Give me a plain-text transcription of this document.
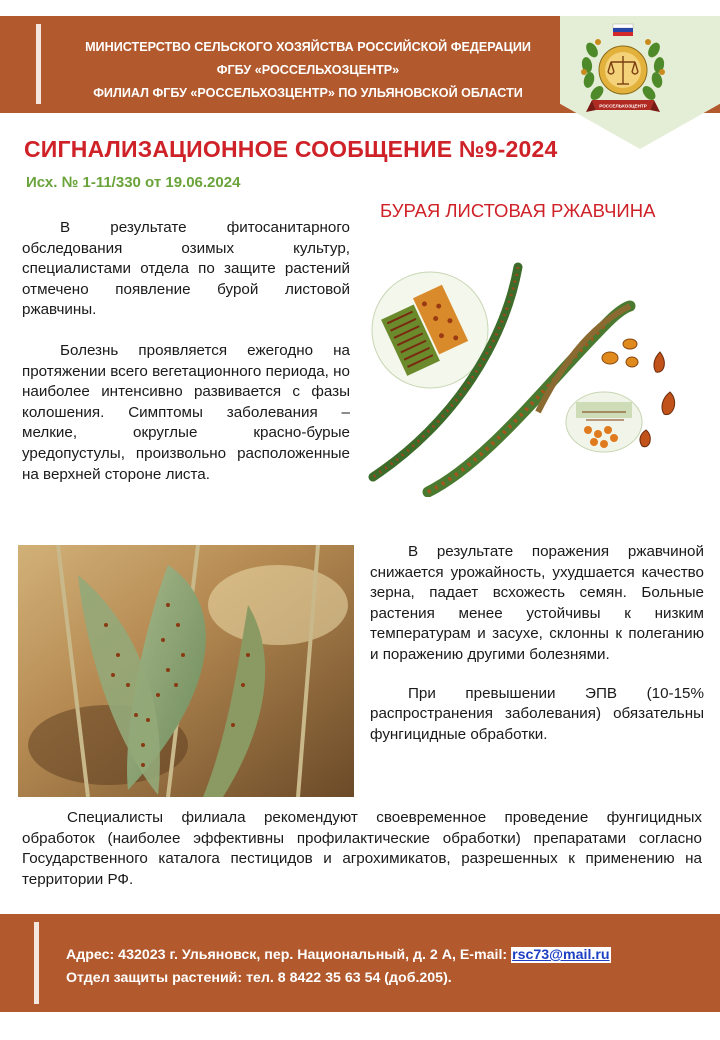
МИНИСТЕРСТВО СЕЛЬСКОГО ХОЗЯЙСТВА РОССИЙСКОЙ ФЕДЕРАЦИИ
ФГБУ «РОССЕЛЬХОЗЦЕНТР»
ФИЛИАЛ ФГБУ «РОССЕЛЬХОЗЦЕНТР» ПО УЛЬЯНОВСКОЙ ОБЛАСТИ
РОССЕЛЬХОЗЦЕНТР
СИГНАЛИЗАЦИОННОЕ СООБЩЕНИЕ №9-2024
Исх. № 1-11/330 от 19.06.2024
БУРАЯ ЛИСТОВАЯ РЖАВЧИНА

В результате фитосанитарного обследования озимых культур, специалистами отдела по защите растений отмечено появление бурой листовой ржавчины.

Болезнь проявляется ежегодно на протяжении всего вегетационного периода, но наиболее интенсивно развивается с фазы колошения. Симптомы заболевания – мелкие, округлые красно-бурые уредопустулы, произвольно расположенные на верхней стороне листа.

В результате поражения ржавчиной снижается урожайность, ухудшается качество зерна, падает всхожесть семян. Больные растения менее устойчивы к низким температурам и засухе, склонны к полеганию и поражению другими болезнями.

При превышении ЭПВ (10-15% распространения заболевания) обязательны фунгицидные обработки.

Специалисты филиала рекомендуют своевременное проведение фунгицидных обработок (наиболее эффективны профилактические обработки) препаратами согласно Государственного каталога пестицидов и агрохимикатов, разрешенных к применению на территории РФ.

Адрес: 432023 г. Ульяновск, пер. Национальный, д. 2 А, E-mail: rsc73@mail.ru
Отдел защиты растений: тел. 8 8422 35 63 54 (доб.205).
